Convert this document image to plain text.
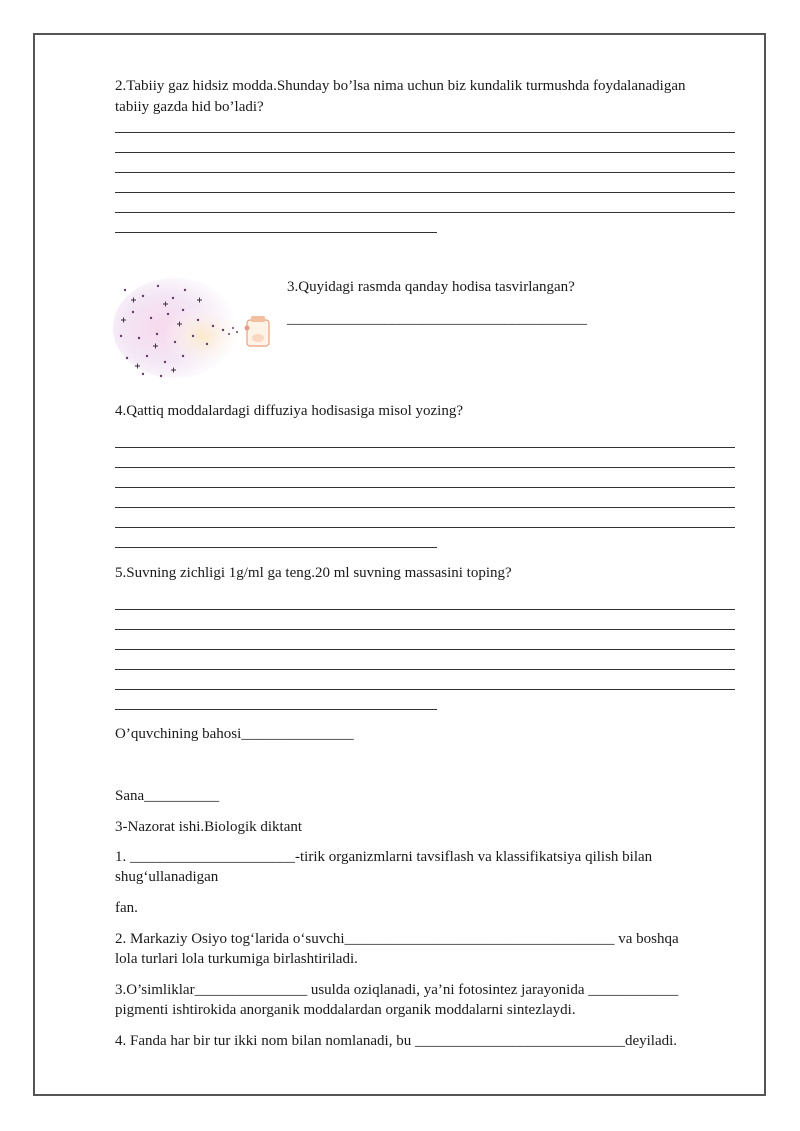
2.Tabiiy gaz hidsiz modda.Shunday bo’lsa nima uchun biz kundalik turmushda foydalanadigan
tabiiy gazda hid bo’ladi?
3.Quyidagi rasmda qanday hodisa tasvirlangan?
________________________________________
4.Qattiq moddalardagi diffuziya hodisasiga misol yozing?
5.Suvning zichligi 1g/ml ga teng.20 ml suvning massasini toping?
O’quvchining bahosi_______________
Sana__________
3-Nazorat ishi.Biologik diktant
1. ______________________-tirik organizmlarni tavsiflash va klassifikatsiya qilish bilan
shug‘ullanadigan
fan.
2. Markaziy Osiyo tog‘larida o‘suvchi____________________________________ va boshqa
lola turlari lola turkumiga birlashtiriladi.
3.O’simliklar_______________ usulda oziqlanadi, ya’ni fotosintez jarayonida ____________
pigmenti ishtirokida anorganik moddalardan organik moddalarni sintezlaydi.
4. Fanda har bir tur ikki nom bilan nomlanadi, bu ____________________________deyiladi.
